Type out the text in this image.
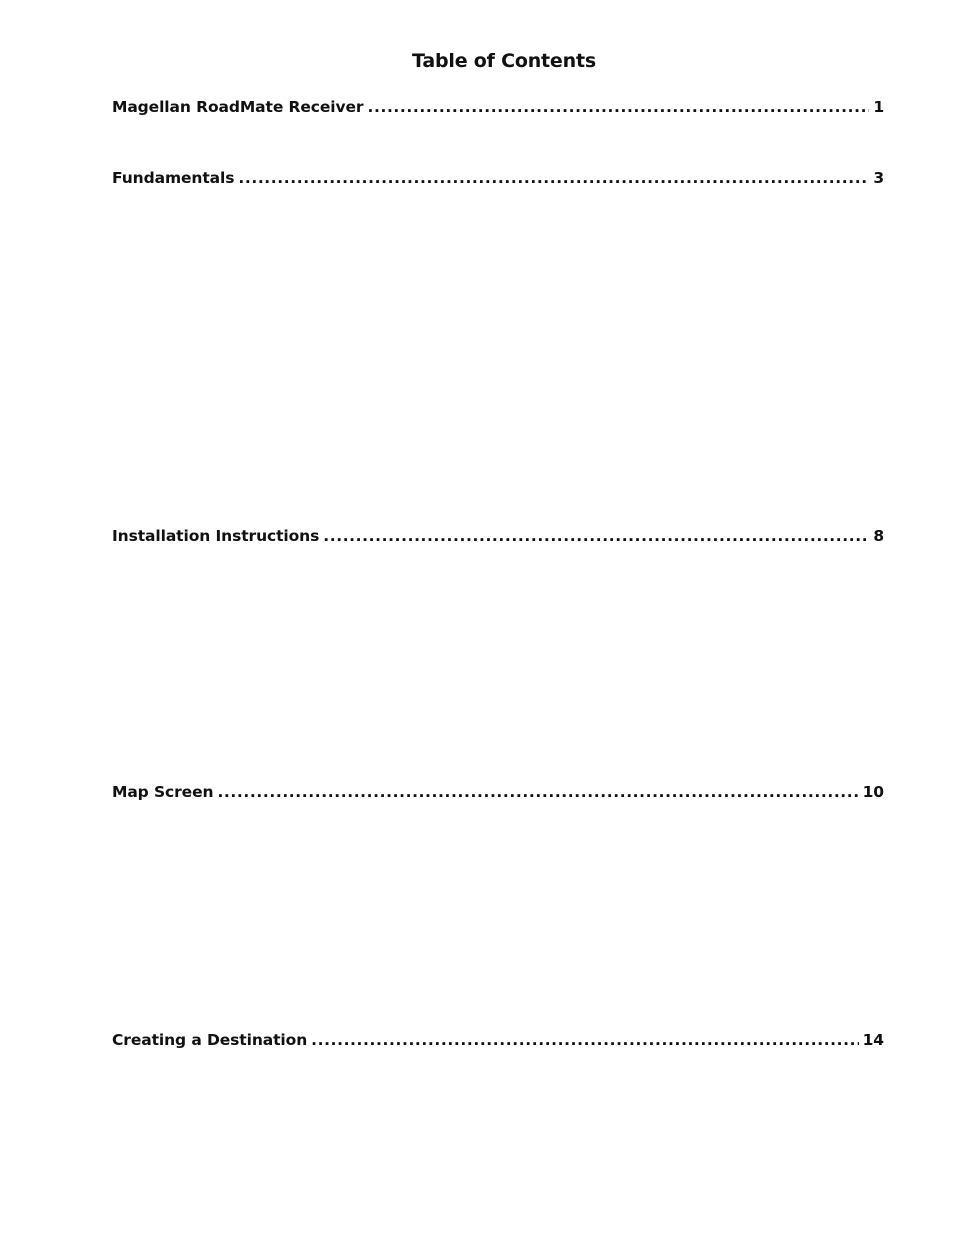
Table of Contents
Magellan RoadMate Receiver .....	1
Fundamentals .....	3
Installation Instructions .....	8
Map Screen .....	10
Creating a Destination .....	14
